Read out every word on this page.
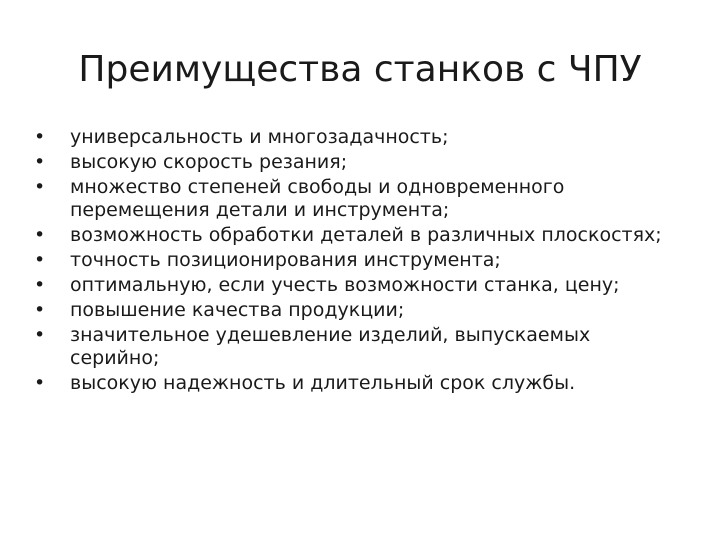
Преимущества станков с ЧПУ
• универсальность и многозадачность;
• высокую скорость резания;
• множество степеней свободы и одновременного перемещения детали и инструмента;
• возможность обработки деталей в различных плоскостях;
• точность позиционирования инструмента;
• оптимальную, если учесть возможности станка, цену;
• повышение качества продукции;
• значительное удешевление изделий, выпускаемых серийно;
• высокую надежность и длительный срок службы.
